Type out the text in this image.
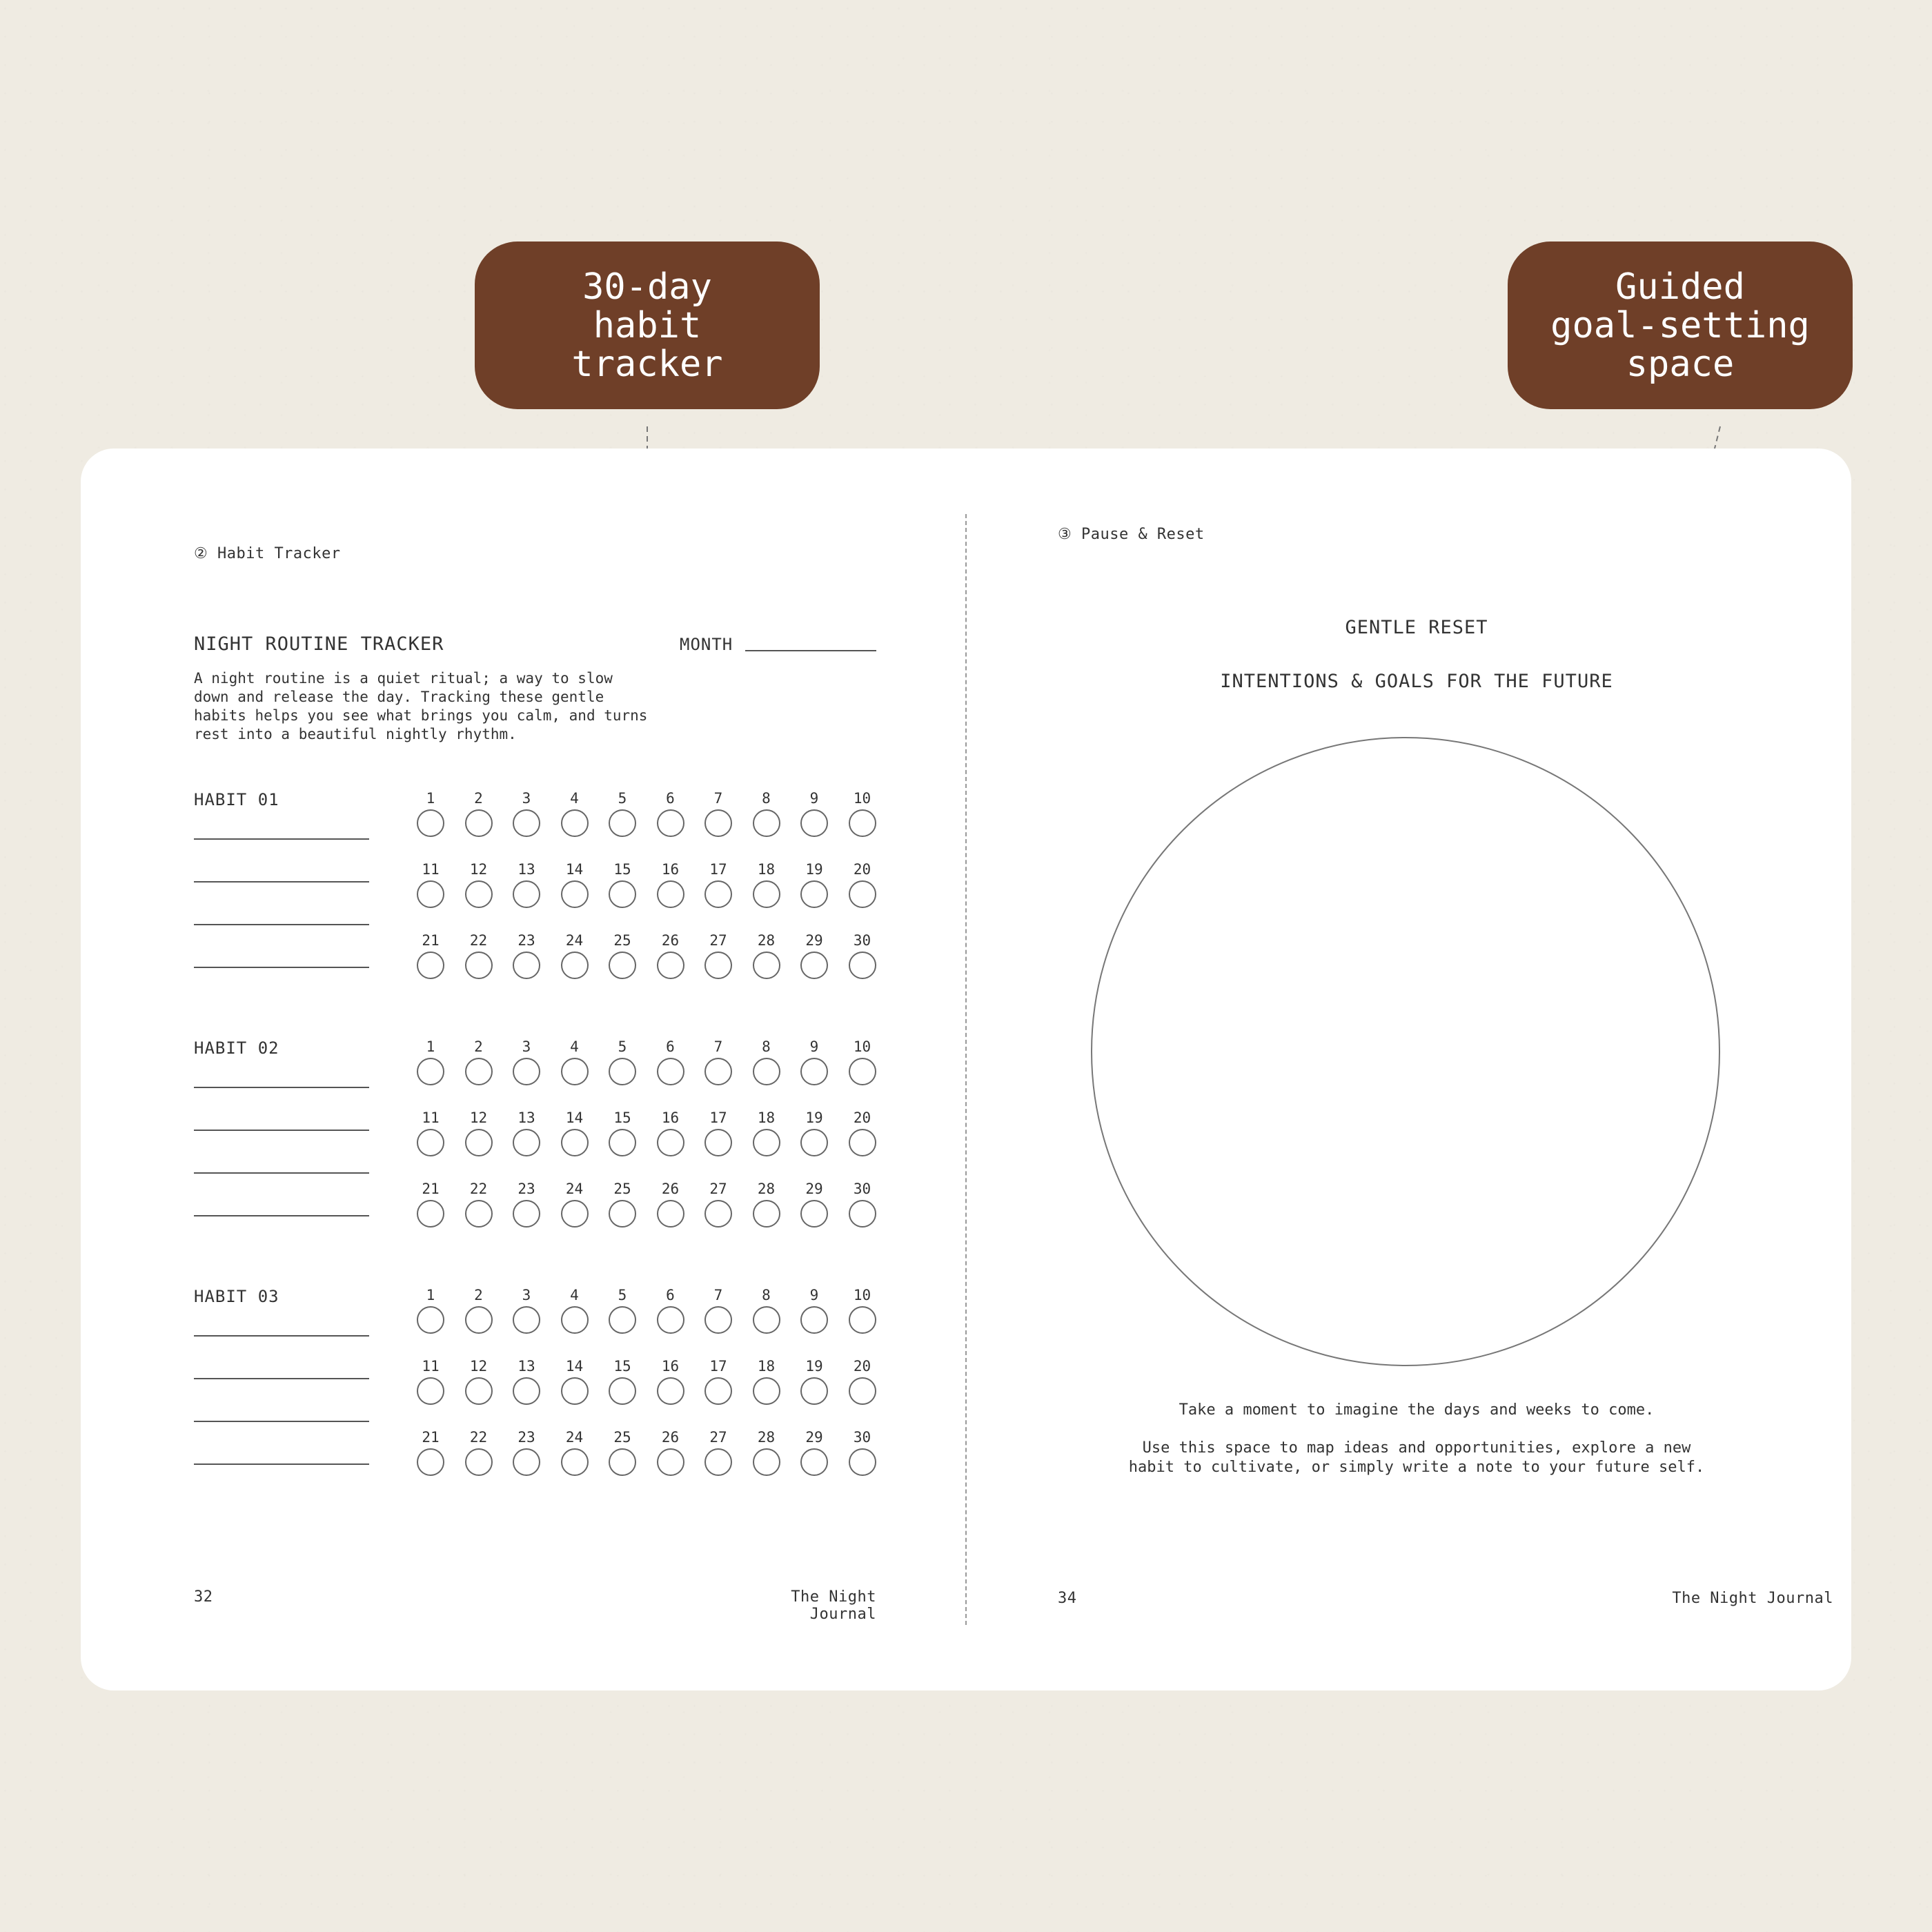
30-day
habit
tracker
Guided
goal-setting
space
② Habit Tracker
NIGHT ROUTINE TRACKER	MONTH
A night routine is a quiet ritual; a way to slow down and release the day. Tracking these gentle habits helps you see what brings you calm, and turns rest into a beautiful nightly rhythm.
HABIT 01	1	2	3	4	5	6	7	8	9	10
11	12	13	14	15	16	17	18	19	20
21	22	23	24	25	26	27	28	29	30
HABIT 02	1	2	3	4	5	6	7	8	9	10
11	12	13	14	15	16	17	18	19	20
21	22	23	24	25	26	27	28	29	30
HABIT 03	1	2	3	4	5	6	7	8	9	10
11	12	13	14	15	16	17	18	19	20
21	22	23	24	25	26	27	28	29	30
32	The Night Journal
③ Pause & Reset
GENTLE RESET
INTENTIONS & GOALS FOR THE FUTURE
Take a moment to imagine the days and weeks to come.
Use this space to map ideas and opportunities, explore a new habit to cultivate, or simply write a note to your future self.
34	The Night Journal
